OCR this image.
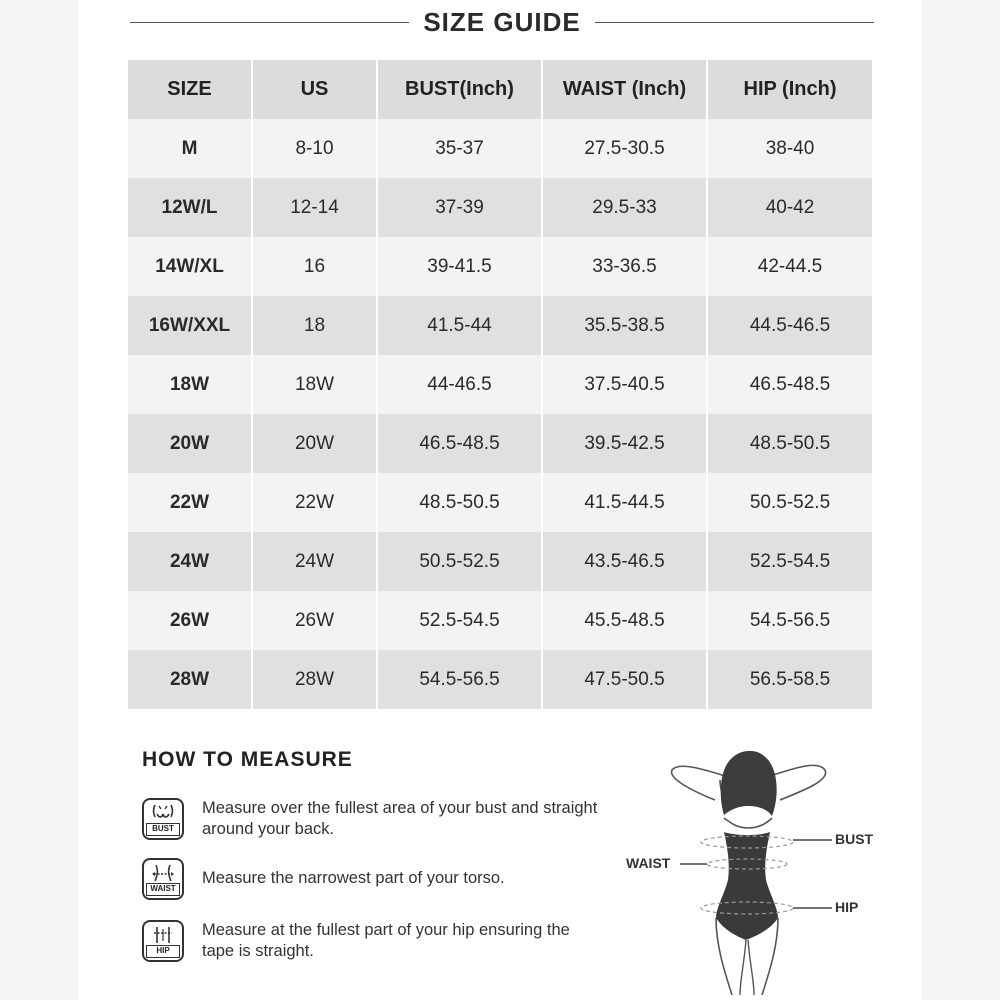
SIZE GUIDE
SIZE	US	BUST(Inch)	WAIST (Inch)	HIP (Inch)
M	8-10	35-37	27.5-30.5	38-40
12W/L	12-14	37-39	29.5-33	40-42
14W/XL	16	39-41.5	33-36.5	42-44.5
16W/XXL	18	41.5-44	35.5-38.5	44.5-46.5
18W	18W	44-46.5	37.5-40.5	46.5-48.5
20W	20W	46.5-48.5	39.5-42.5	48.5-50.5
22W	22W	48.5-50.5	41.5-44.5	50.5-52.5
24W	24W	50.5-52.5	43.5-46.5	52.5-54.5
26W	26W	52.5-54.5	45.5-48.5	54.5-56.5
28W	28W	54.5-56.5	47.5-50.5	56.5-58.5
HOW TO MEASURE
BUST
Measure over the fullest area of your bust and straight around your back.
WAIST
Measure the narrowest part of your torso.
HIP
Measure at the fullest part of your hip ensuring the tape is straight.
BUST
WAIST
HIP
